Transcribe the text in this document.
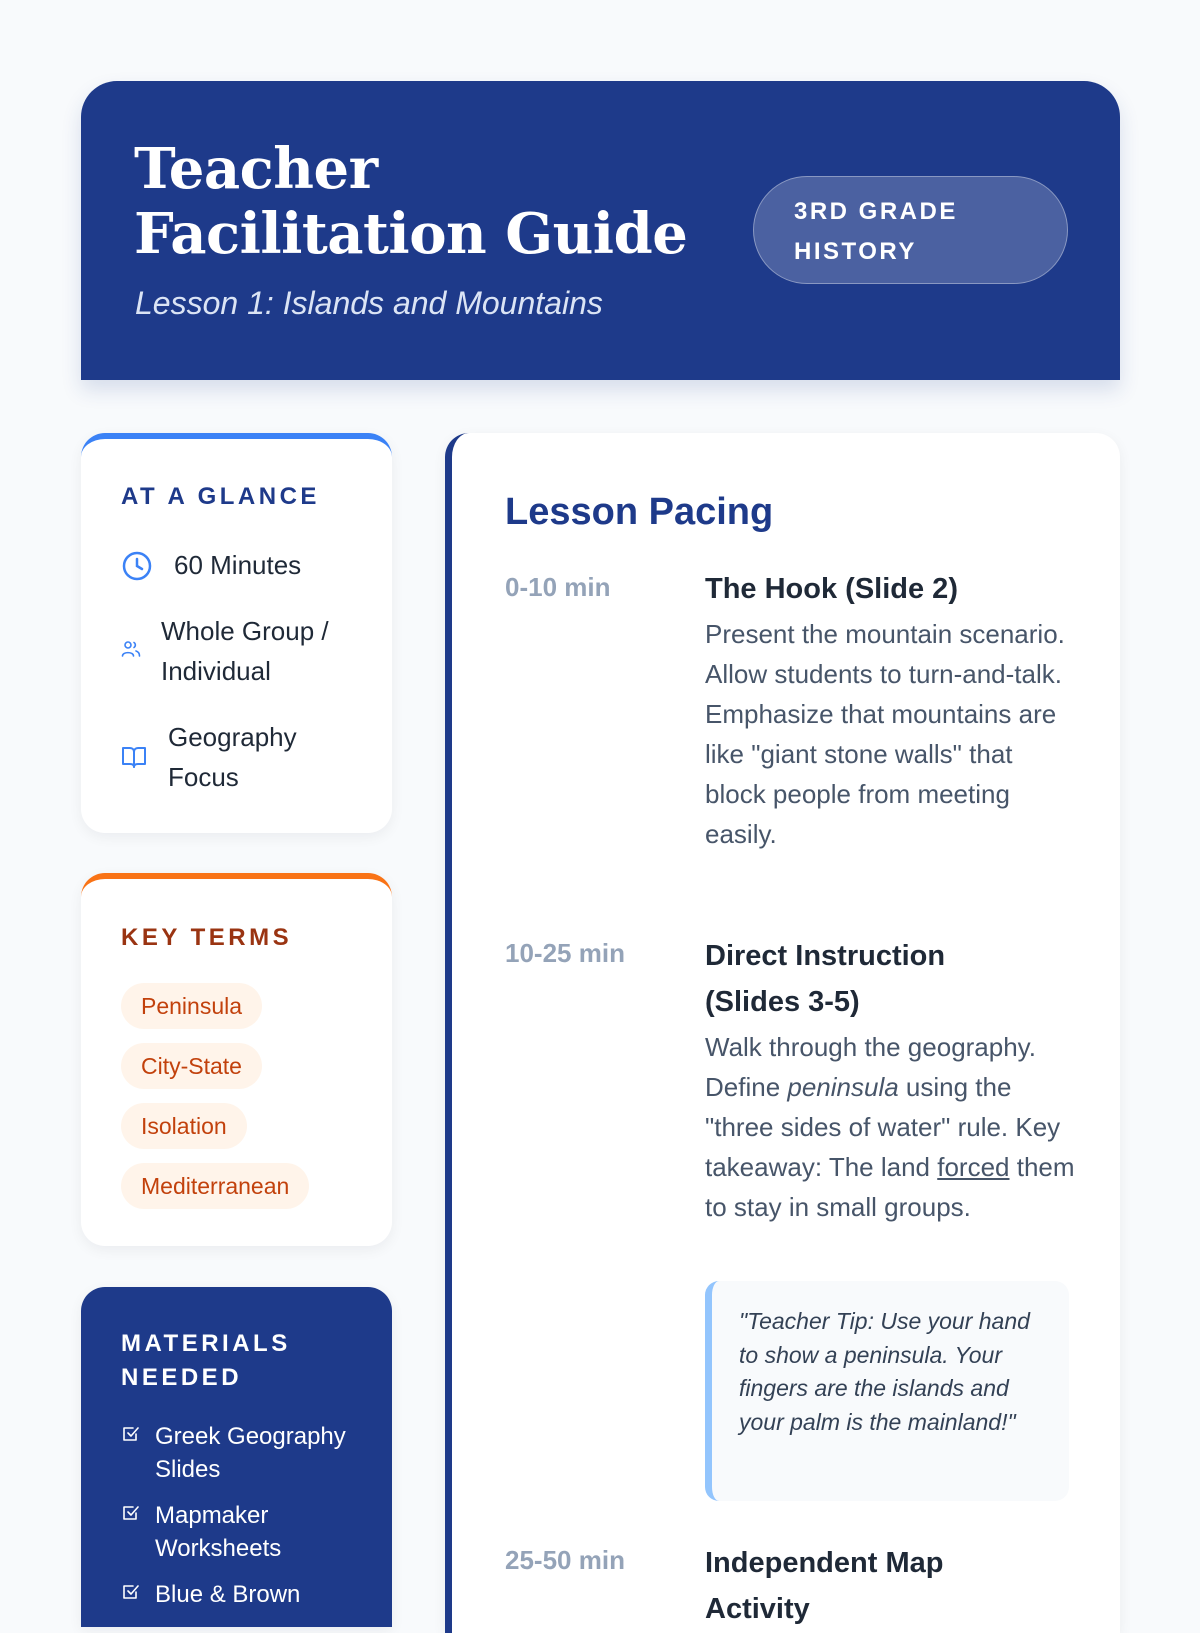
Teacher Facilitation Guide
Lesson 1: Islands and Mountains
3RD GRADE HISTORY
AT A GLANCE
60 Minutes
Whole Group / Individual
Geography Focus
KEY TERMS
Peninsula
City-State
Isolation
Mediterranean
MATERIALS NEEDED
Greek Geography Slides
Mapmaker Worksheets
Blue & Brown
Lesson Pacing
0-10 min	The Hook (Slide 2)
Present the mountain scenario. Allow students to turn-and-talk. Emphasize that mountains are like "giant stone walls" that block people from meeting easily.
10-25 min	Direct Instruction (Slides 3-5)
Walk through the geography. Define peninsula using the "three sides of water" rule. Key takeaway: The land forced them to stay in small groups.
"Teacher Tip: Use your hand to show a peninsula. Your fingers are the islands and your palm is the mainland!"
25-50 min	Independent Map Activity
